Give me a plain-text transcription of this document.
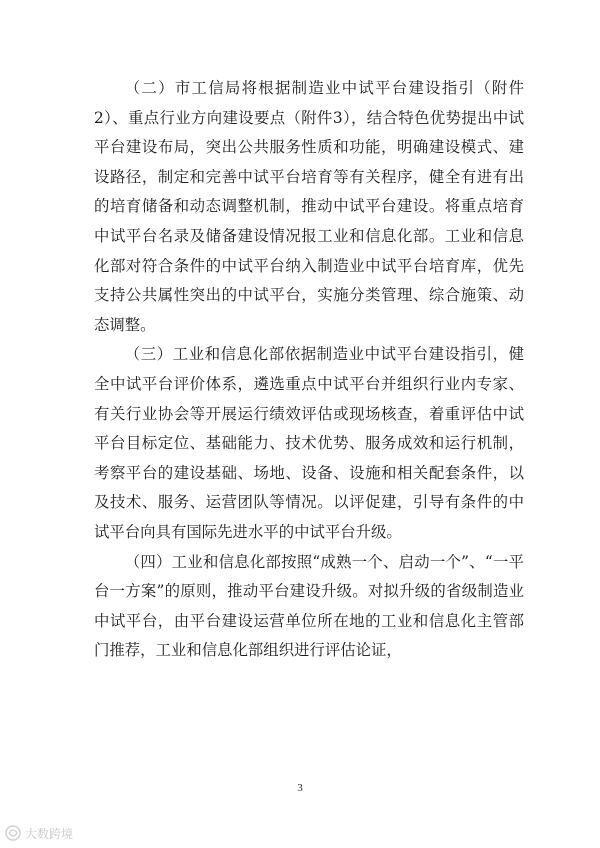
（二）市工信局将根据制造业中试平台建设指引（附件2）、重点行业方向建设要点（附件3），结合特色优势提出中试平台建设布局，突出公共服务性质和功能，明确建设模式、建设路径，制定和完善中试平台培育等有关程序，健全有进有出的培育储备和动态调整机制，推动中试平台建设。将重点培育中试平台名录及储备建设情况报工业和信息化部。工业和信息化部对符合条件的中试平台纳入制造业中试平台培育库，优先支持公共属性突出的中试平台，实施分类管理、综合施策、动态调整。

（三）工业和信息化部依据制造业中试平台建设指引，健全中试平台评价体系，遴选重点中试平台并组织行业内专家、有关行业协会等开展运行绩效评估或现场核查，着重评估中试平台目标定位、基础能力、技术优势、服务成效和运行机制，考察平台的建设基础、场地、设备、设施和相关配套条件，以及技术、服务、运营团队等情况。以评促建，引导有条件的中试平台向具有国际先进水平的中试平台升级。

（四）工业和信息化部按照“成熟一个、启动一个”、“一平台一方案”的原则，推动平台建设升级。对拟升级的省级制造业中试平台，由平台建设运营单位所在地的工业和信息化主管部门推荐，工业和信息化部组织进行评估论证，

3
大数跨境
